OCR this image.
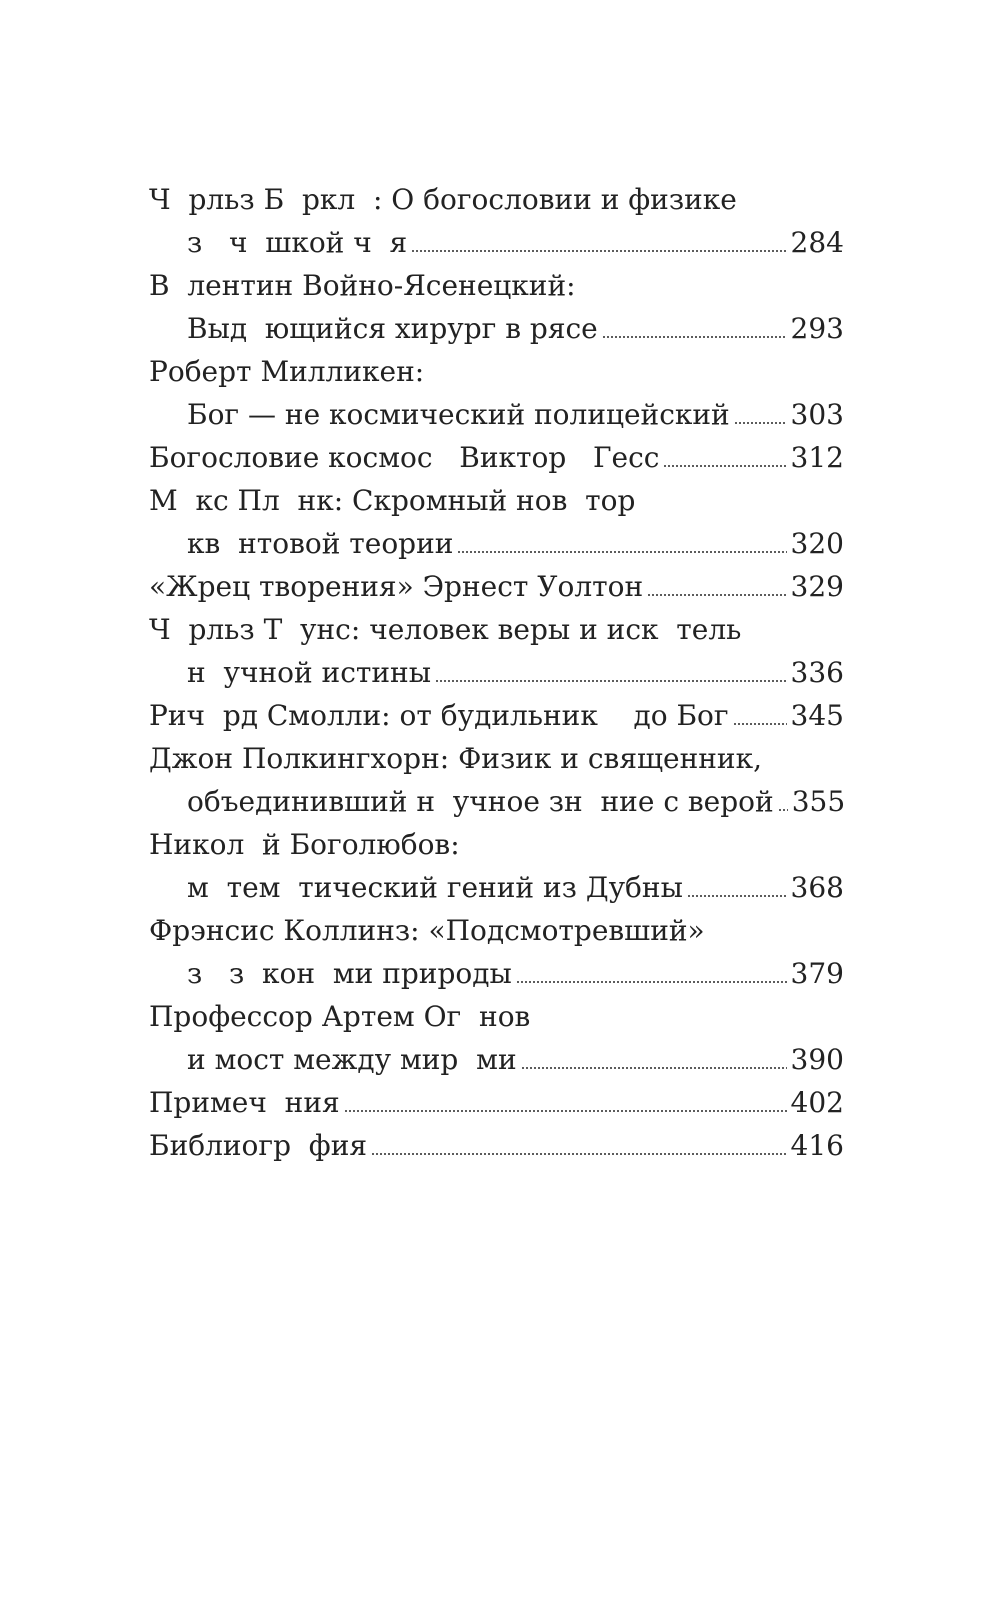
Ч  рльз Б  ркл  : О богословии и физике
з   ч  шкой ч  я	284
В  лентин Войно-Ясенецкий:
Выд  ющийся хирург в рясе	293
Роберт Милликен:
Бог — не космический полицейский 303
Богословие космос   Виктор   Гесс	312
М  кс Пл  нк: Скромный нов  тор
кв  нтовой теории	320
«Жрец творения» Эрнест Уолтон	329
Ч  рльз Т  унс: человек веры и иск  тель
н  учной истины	336
Рич  рд Смолли: от будильник    до Бог 345
Джон Полкингхорн: Физик и священник,
объединивший н  учное зн  ние с верой 355
Никол  й Боголюбов:
м  тем  тический гений из Дубны	368
Фрэнсис Коллинз: «Подсмотревший»
з   з  кон  ми природы	379
Профессор Артем Ог  нов
и мост между мир  ми	390
Примеч  ния	402
Библиогр  фия	416
